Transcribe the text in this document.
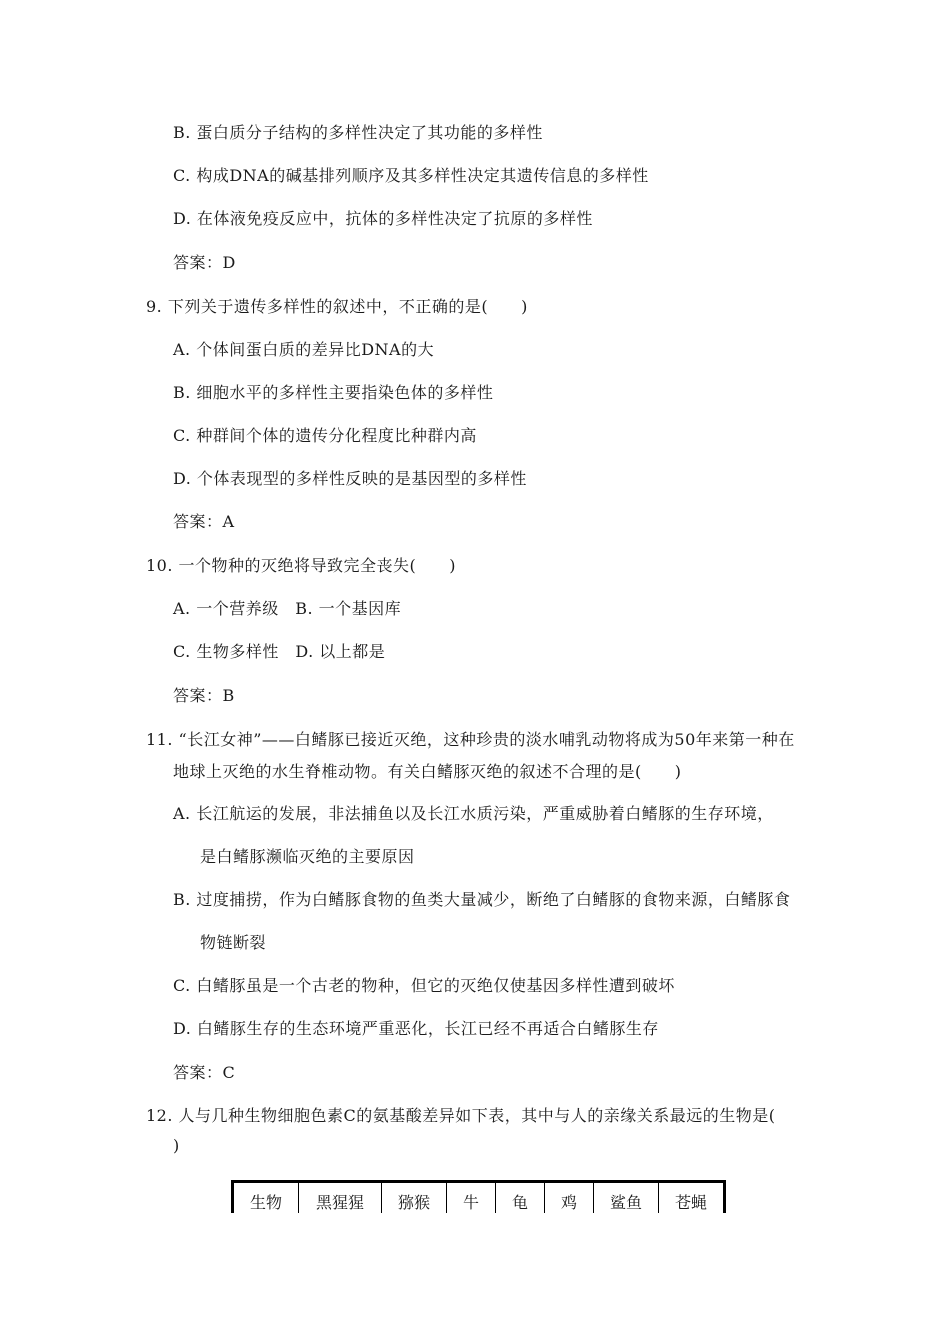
B. 蛋白质分子结构的多样性决定了其功能的多样性
C. 构成DNA的碱基排列顺序及其多样性决定其遗传信息的多样性
D. 在体液免疫反应中，抗体的多样性决定了抗原的多样性
答案：D
9. 下列关于遗传多样性的叙述中，不正确的是(　　)
A. 个体间蛋白质的差异比DNA的大
B. 细胞水平的多样性主要指染色体的多样性
C. 种群间个体的遗传分化程度比种群内高
D. 个体表现型的多样性反映的是基因型的多样性
答案：A
10. 一个物种的灭绝将导致完全丧失(　　)
A. 一个营养级　B. 一个基因库
C. 生物多样性　D. 以上都是
答案：B
11. “长江女神”——白鳍豚已接近灭绝，这种珍贵的淡水哺乳动物将成为50年来第一种在
地球上灭绝的水生脊椎动物。有关白鳍豚灭绝的叙述不合理的是(　　)
A. 长江航运的发展，非法捕鱼以及长江水质污染，严重威胁着白鳍豚的生存环境，
是白鳍豚濒临灭绝的主要原因
B. 过度捕捞，作为白鳍豚食物的鱼类大量减少，断绝了白鳍豚的食物来源，白鳍豚食
物链断裂
C. 白鳍豚虽是一个古老的物种，但它的灭绝仅使基因多样性遭到破坏
D. 白鳍豚生存的生态环境严重恶化，长江已经不再适合白鳍豚生存
答案：C
12. 人与几种生物细胞色素C的氨基酸差异如下表，其中与人的亲缘关系最远的生物是(
)
生物	黑猩猩	猕猴	牛	龟	鸡	鲨鱼	苍蝇
